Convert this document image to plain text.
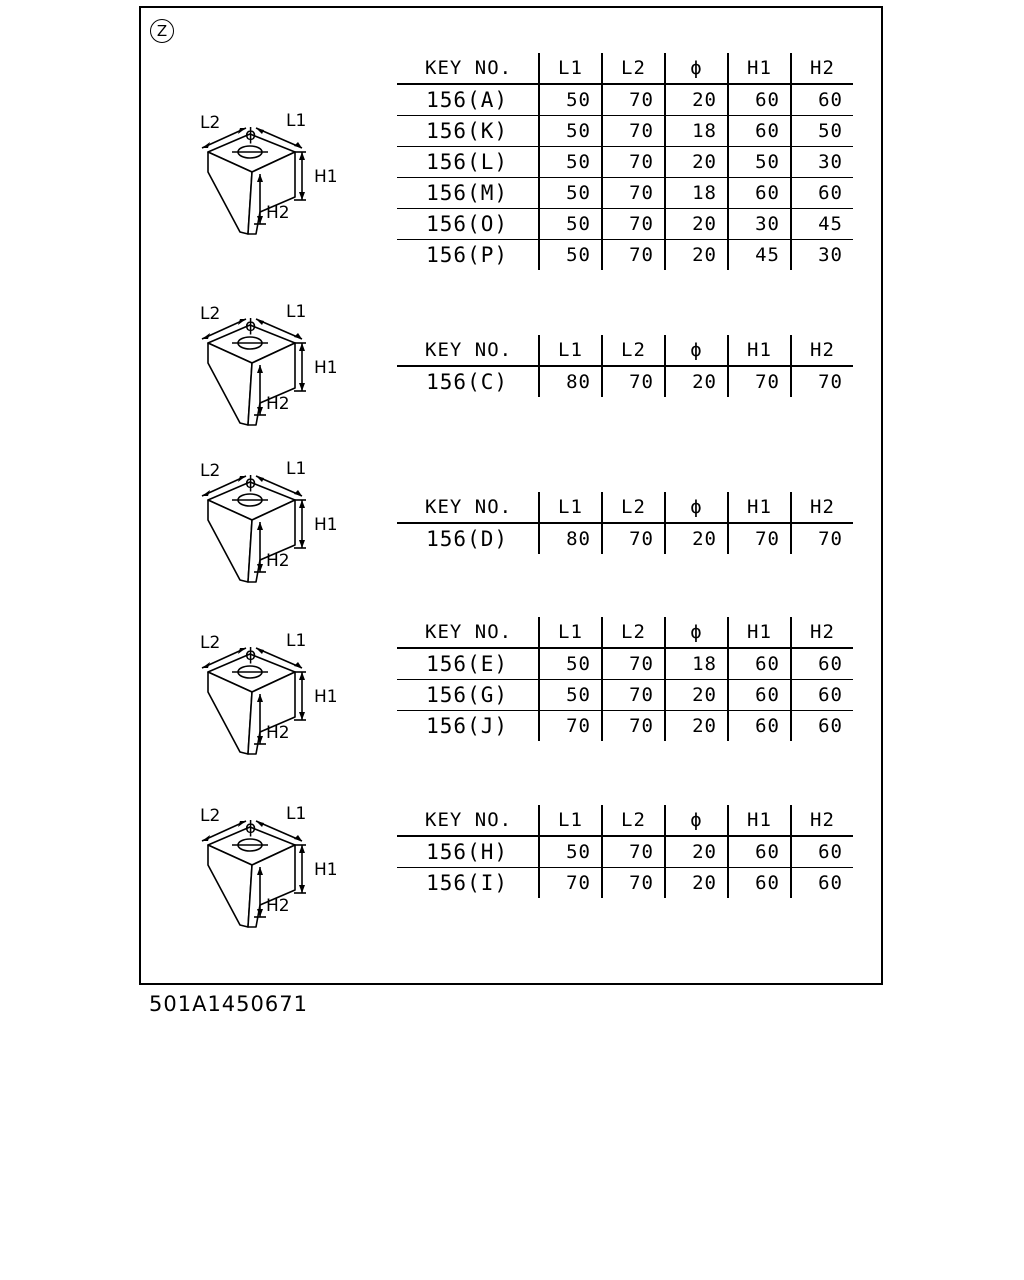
Z
501A1450671
KEY NO.	L1	L2	ϕ	H1	H2
156(A)	50	70	20	60	60
156(K)	50	70	18	60	50
156(L)	50	70	20	50	30
156(M)	50	70	18	60	60
156(O)	50	70	20	30	45
156(P)	50	70	20	45	30
KEY NO.	L1	L2	ϕ	H1	H2
156(C)	80	70	20	70	70
KEY NO.	L1	L2	ϕ	H1	H2
156(D)	80	70	20	70	70
KEY NO.	L1	L2	ϕ	H1	H2
156(E)	50	70	18	60	60
156(G)	50	70	20	60	60
156(J)	70	70	20	60	60
KEY NO.	L1	L2	ϕ	H1	H2
156(H)	50	70	20	60	60
156(I)	70	70	20	60	60
L2	L1
ϕ
H1
H2
L2	L1
ϕ
H1
H2
L2	L1
ϕ
H1
H2
L2	L1
ϕ
H1
H2
L2	L1
ϕ
H1
H2
